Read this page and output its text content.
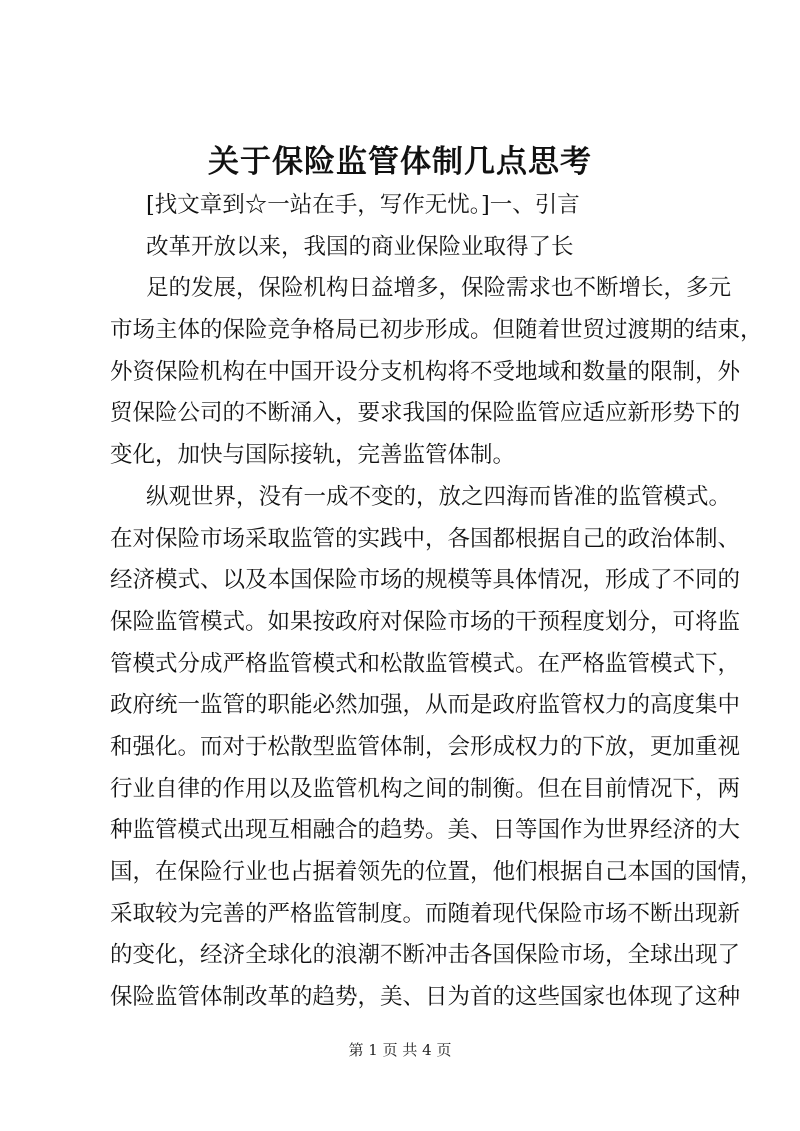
关于保险监管体制几点思考
[找文章到☆一站在手，写作无忧。]一、引言
改革开放以来，我国的商业保险业取得了长
足的发展，保险机构日益增多，保险需求也不断增长，多元
市场主体的保险竞争格局已初步形成。但随着世贸过渡期的结束，
外资保险机构在中国开设分支机构将不受地域和数量的限制，外
贸保险公司的不断涌入，要求我国的保险监管应适应新形势下的
变化，加快与国际接轨，完善监管体制。
纵观世界，没有一成不变的，放之四海而皆准的监管模式。
在对保险市场采取监管的实践中，各国都根据自己的政治体制、
经济模式、以及本国保险市场的规模等具体情况，形成了不同的
保险监管模式。如果按政府对保险市场的干预程度划分，可将监
管模式分成严格监管模式和松散监管模式。在严格监管模式下，
政府统一监管的职能必然加强，从而是政府监管权力的高度集中
和强化。而对于松散型监管体制，会形成权力的下放，更加重视
行业自律的作用以及监管机构之间的制衡。但在目前情况下，两
种监管模式出现互相融合的趋势。美、日等国作为世界经济的大
国，在保险行业也占据着领先的位置，他们根据自己本国的国情，
采取较为完善的严格监管制度。而随着现代保险市场不断出现新
的变化，经济全球化的浪潮不断冲击各国保险市场，全球出现了
保险监管体制改革的趋势，美、日为首的这些国家也体现了这种
第 1 页 共 4 页
